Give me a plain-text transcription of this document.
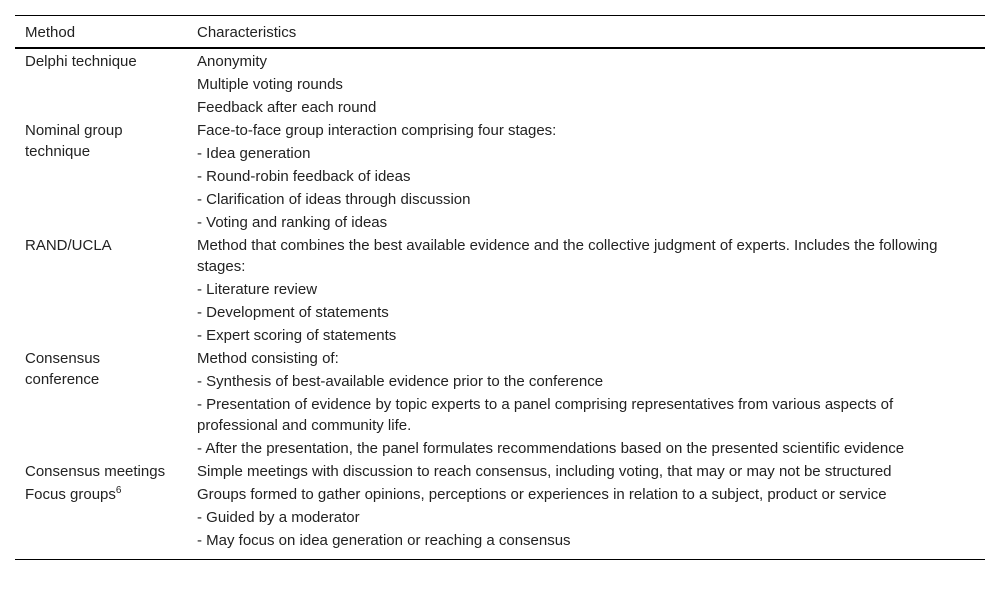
Method	Characteristics
Delphi technique	Anonymity
Multiple voting rounds
Feedback after each round

Nominal group technique	Face-to-face group interaction comprising four stages:
- Idea generation
- Round-robin feedback of ideas
- Clarification of ideas through discussion
- Voting and ranking of ideas

RAND/UCLA	Method that combines the best available evidence and the collective judgment of experts. Includes the following stages:
- Literature review
- Development of statements
- Expert scoring of statements

Consensus conference	Method consisting of:
- Synthesis of best-available evidence prior to the conference
- Presentation of evidence by topic experts to a panel comprising representatives from various aspects of professional and community life.
- After the presentation, the panel formulates recommendations based on the presented scientific evidence

Consensus meetings	Simple meetings with discussion to reach consensus, including voting, that may or may not be structured

Focus groups$^6$	Groups formed to gather opinions, perceptions or experiences in relation to a subject, product or service
- Guided by a moderator
- May focus on idea generation or reaching a consensus
